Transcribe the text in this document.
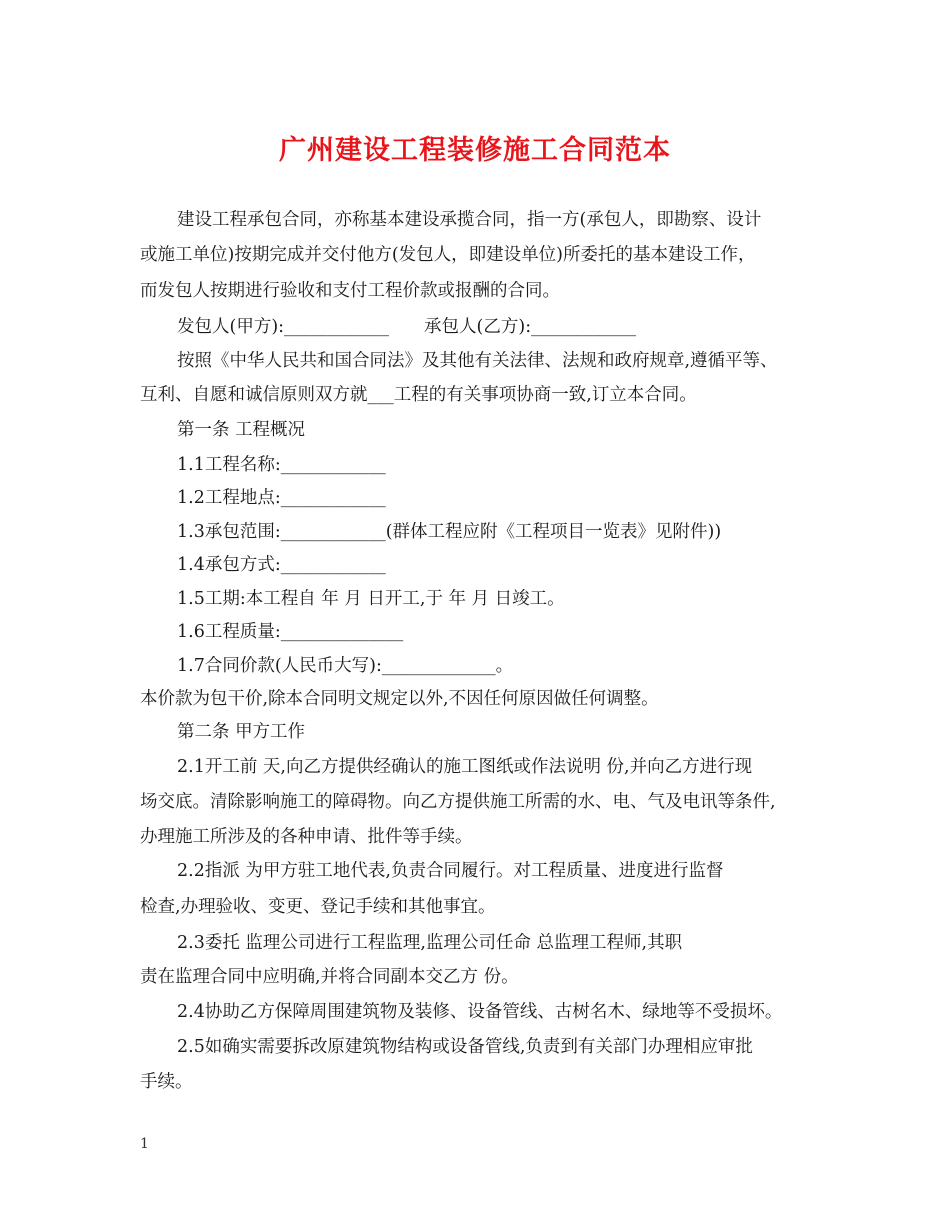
广州建设工程装修施工合同范本
建设工程承包合同，亦称基本建设承揽合同，指一方(承包人，即勘察、设计
或施工单位)按期完成并交付他方(发包人，即建设单位)所委托的基本建设工作，
而发包人按期进行验收和支付工程价款或报酬的合同。
发包人(甲方):____________　　承包人(乙方):____________
按照《中华人民共和国合同法》及其他有关法律、法规和政府规章,遵循平等、
互利、自愿和诚信原则双方就___工程的有关事项协商一致,订立本合同。
第一条 工程概况
1.1工程名称:____________
1.2工程地点:____________
1.3承包范围:____________(群体工程应附《工程项目一览表》见附件))
1.4承包方式:____________
1.5工期:本工程自 年 月 日开工,于 年 月 日竣工。
1.6工程质量:______________
1.7合同价款(人民币大写):_____________。
本价款为包干价,除本合同明文规定以外,不因任何原因做任何调整。
第二条 甲方工作
2.1开工前 天,向乙方提供经确认的施工图纸或作法说明 份,并向乙方进行现
场交底。清除影响施工的障碍物。向乙方提供施工所需的水、电、气及电讯等条件,
办理施工所涉及的各种申请、批件等手续。
2.2指派 为甲方驻工地代表,负责合同履行。对工程质量、进度进行监督
检查,办理验收、变更、登记手续和其他事宜。
2.3委托 监理公司进行工程监理,监理公司任命 总监理工程师,其职
责在监理合同中应明确,并将合同副本交乙方 份。
2.4协助乙方保障周围建筑物及装修、设备管线、古树名木、绿地等不受损坏。
2.5如确实需要拆改原建筑物结构或设备管线,负责到有关部门办理相应审批
手续。
1
